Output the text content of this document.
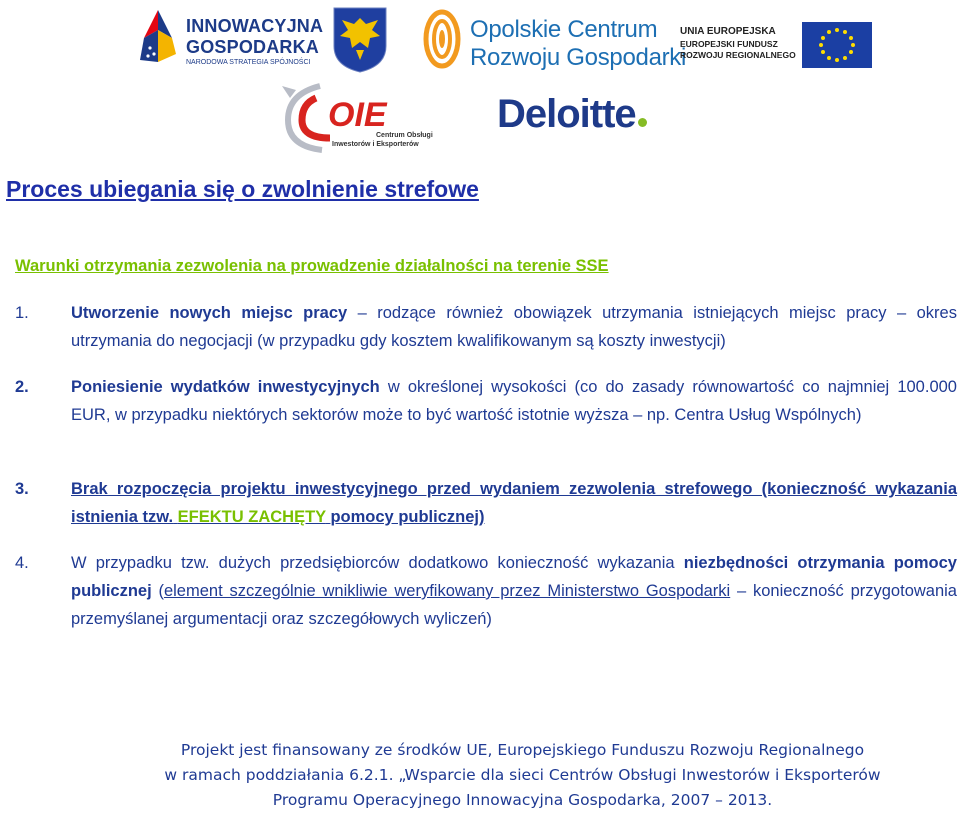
INNOWACYJNA
GOSPODARKA
NARODOWA STRATEGIA SPÓJNOŚCI
Opolskie Centrum
Rozwoju Gospodarki
UNIA EUROPEJSKA
EUROPEJSKI FUNDUSZ
ROZWOJU REGIONALNEGO
OIE
Centrum Obsługi
Inwestorów i Eksporterów
Deloitte
Proces ubiegania się o zwolnienie strefowe
Warunki otrzymania zezwolenia na prowadzenie działalności na terenie SSE
1.	Utworzenie nowych miejsc pracy – rodzące również obowiązek utrzymania istniejących miejsc pracy – okres utrzymania do negocjacji (w przypadku gdy kosztem kwalifikowanym są koszty inwestycji)
2.	Poniesienie wydatków inwestycyjnych w określonej wysokości (co do zasady równowartość co najmniej 100.000 EUR, w przypadku niektórych sektorów może to być wartość istotnie wyższa – np. Centra Usług Wspólnych)
3.	Brak rozpoczęcia projektu inwestycyjnego przed wydaniem zezwolenia strefowego (konieczność wykazania istnienia tzw. EFEKTU ZACHĘTY pomocy publicznej)
4.	W przypadku tzw. dużych przedsiębiorców dodatkowo konieczność wykazania niezbędności otrzymania pomocy publicznej (element szczególnie wnikliwie weryfikowany przez Ministerstwo Gospodarki – konieczność przygotowania przemyślanej argumentacji oraz szczegółowych wyliczeń)
Projekt jest finansowany ze środków UE, Europejskiego Funduszu Rozwoju Regionalnego
w ramach poddziałania 6.2.1. „Wsparcie dla sieci Centrów Obsługi Inwestorów i Eksporterów
Programu Operacyjnego Innowacyjna Gospodarka, 2007 – 2013.
